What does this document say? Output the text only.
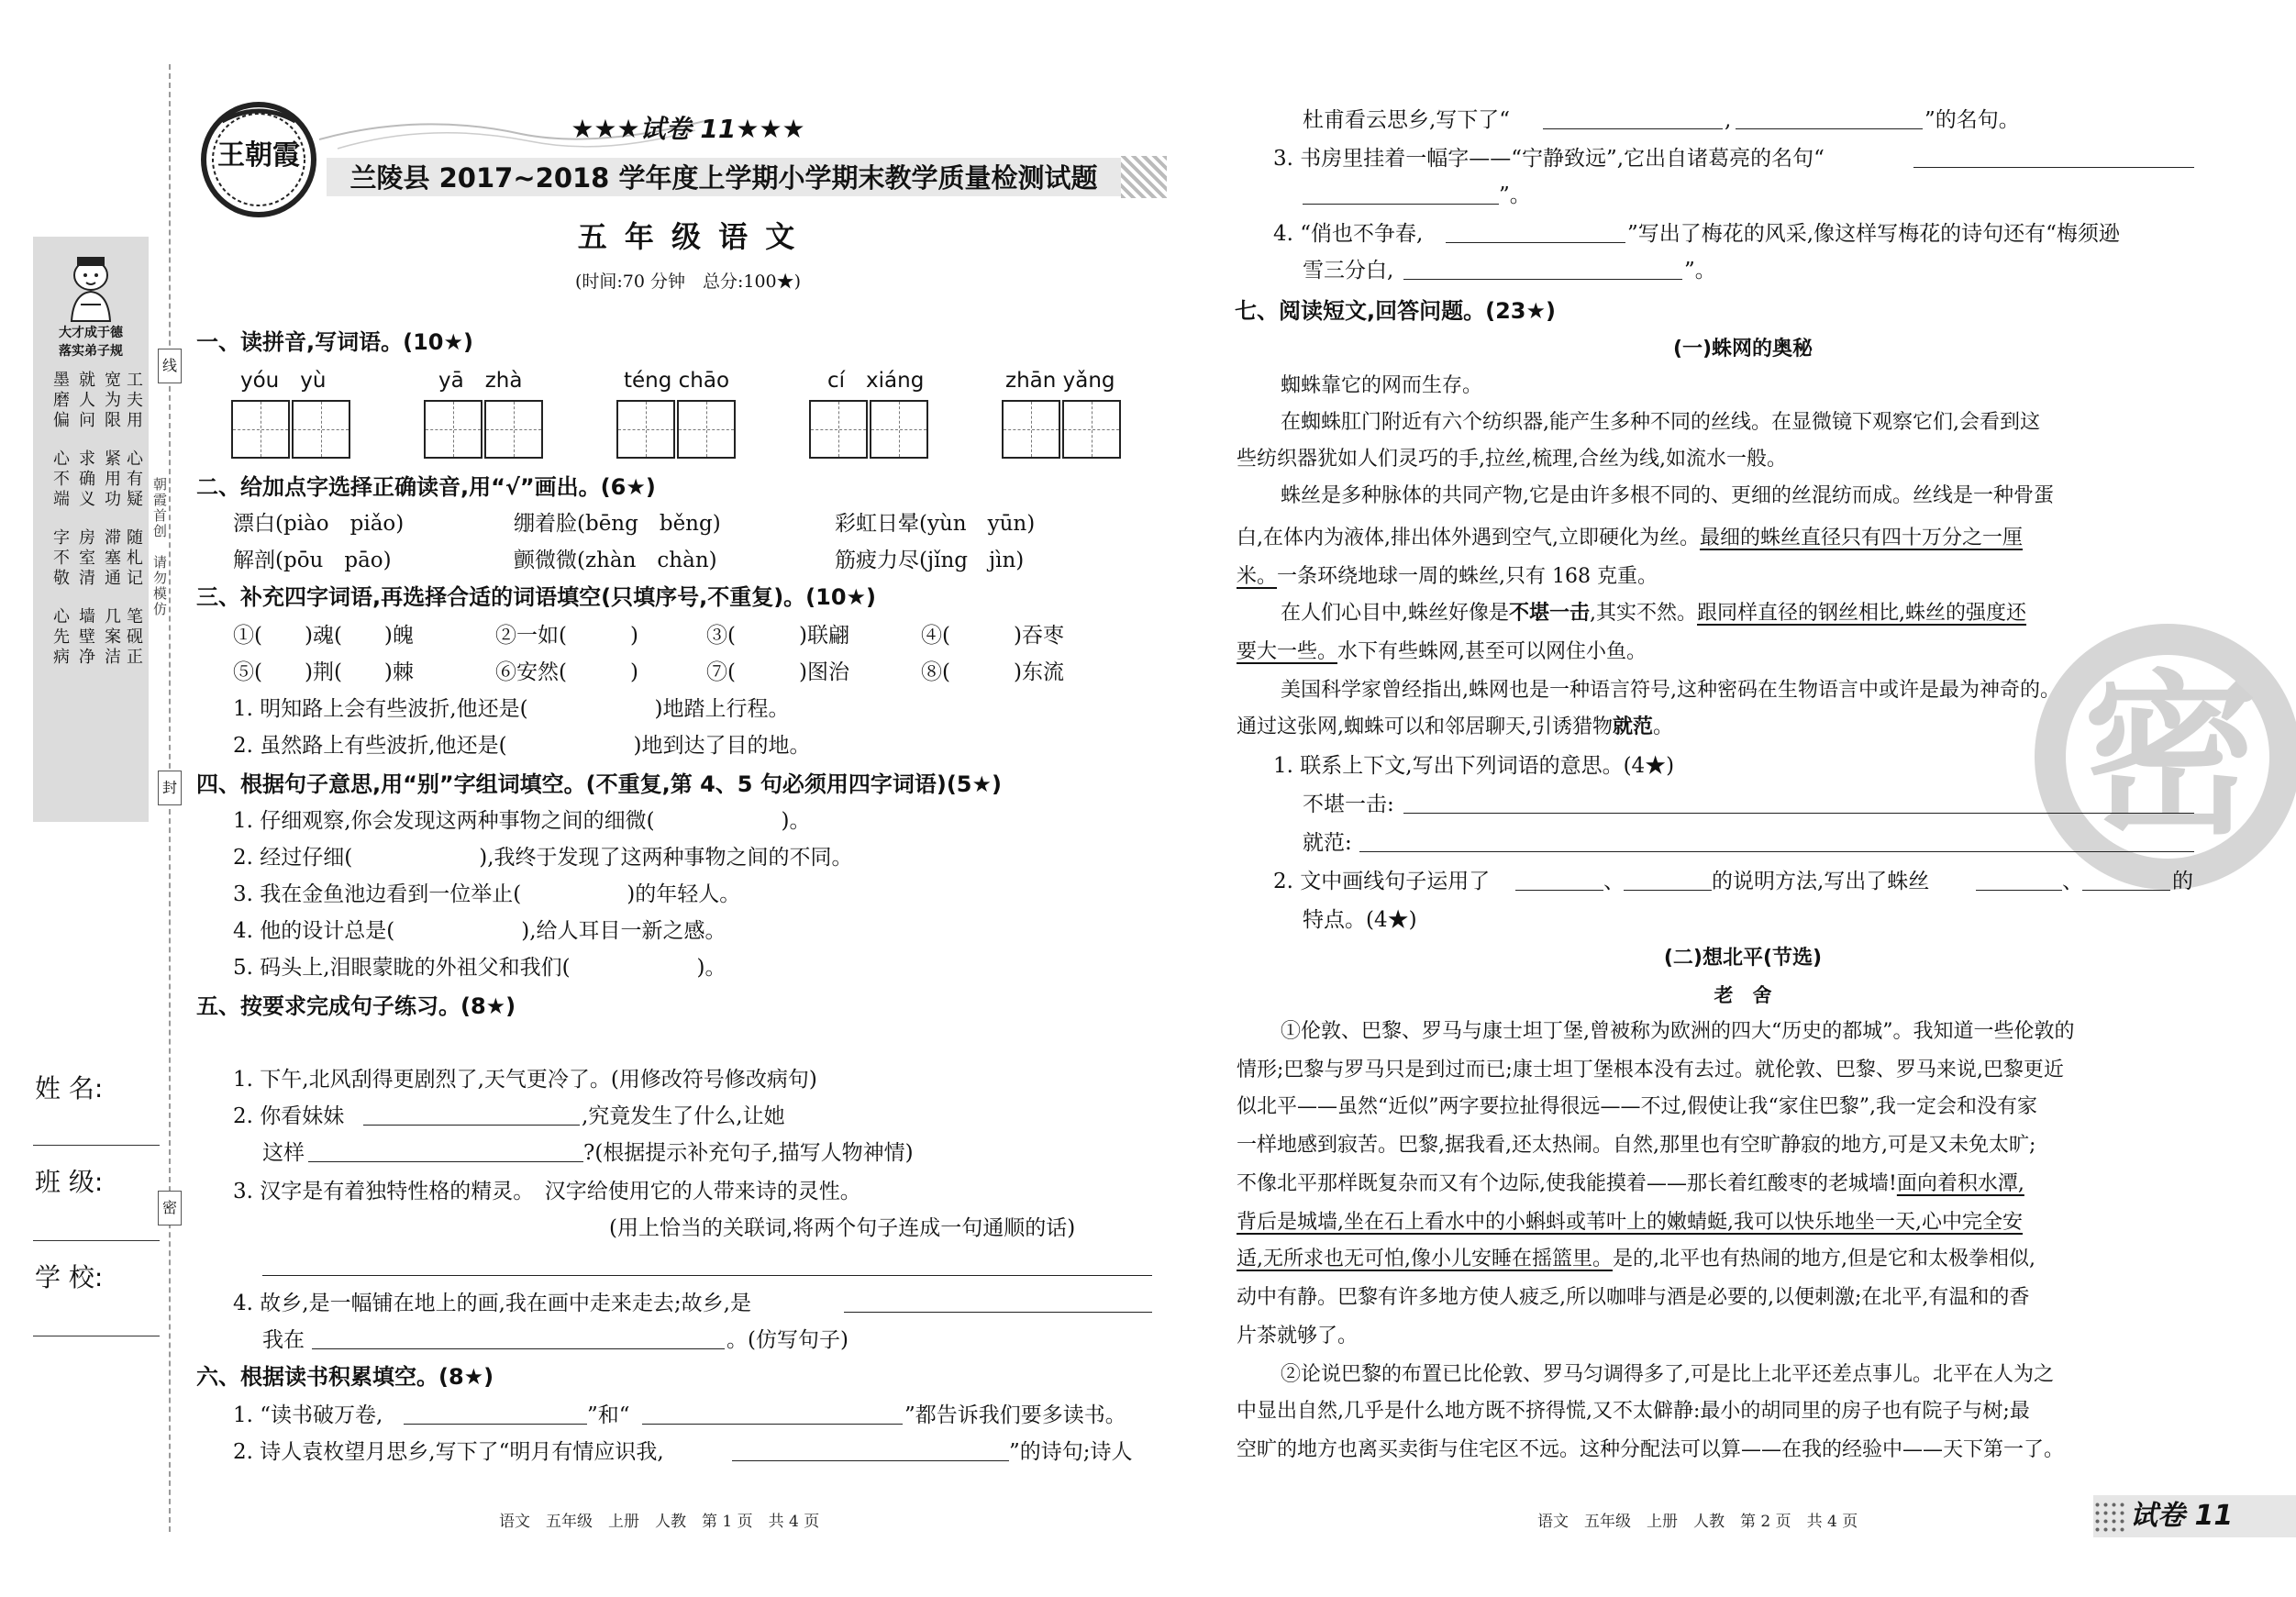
大才成于德
落实弟子规
墨磨偏
心不端
字不敬
心先病
就人问
求确义
房室清
墙壁净
宽为限
紧用功
滞塞通
几案洁
工夫用
心有疑
随札记
笔砚正
线
封
密
朝霞首创　请勿模仿
姓 名:
班 级:
学 校:
王朝霞
★★★试卷 11★★★
兰陵县 2017~2018 学年度上学期小学期末教学质量检测试题
五 年 级 语 文
(时间:70 分钟　总分:100★)
一、读拼音,写词语。(10★)
yóu　yù	yā　zhà	téng chāo	cí　xiáng	zhān yǎng
二、给加点字选择正确读音,用“√”画出。(6★)
漂白(piào　piǎo)	绷着脸(bēng　běng)	彩虹日晕(yùn　yūn)
解剖(pōu　pāo)	颤微微(zhàn　chàn)	筋疲力尽(jǐng　jìn)
三、补充四字词语,再选择合适的词语填空(只填序号,不重复)。(10★)
①(　　)魂(　　)魄	②一如(　　　)	③(　　　)联翩	④(　　　)吞枣
⑤(　　)荆(　　)棘	⑥安然(　　　)	⑦(　　　)图治	⑧(　　　)东流
1. 明知路上会有些波折,他还是(　　　　　　)地踏上行程。
2. 虽然路上有些波折,他还是(　　　　　　)地到达了目的地。
四、根据句子意思,用“别”字组词填空。(不重复,第 4、5 句必须用四字词语)(5★)
1. 仔细观察,你会发现这两种事物之间的细微(　　　　　　)。
2. 经过仔细(　　　　　　),我终于发现了这两种事物之间的不同。
3. 我在金鱼池边看到一位举止(　　　　　)的年轻人。
4. 他的设计总是(　　　　　　),给人耳目一新之感。
5. 码头上,泪眼蒙眬的外祖父和我们(　　　　　　)。
五、按要求完成句子练习。(8★)
1. 下午,北风刮得更剧烈了,天气更冷了。(用修改符号修改病句)
2. 你看妹妹	,究竟发生了什么,让她
这样	?(根据提示补充句子,描写人物神情)
3. 汉字是有着独特性格的精灵。　汉字给使用它的人带来诗的灵性。
(用上恰当的关联词,将两个句子连成一句通顺的话)
4. 故乡,是一幅铺在地上的画,我在画中走来走去;故乡,是
我在	。(仿写句子)
六、根据读书积累填空。(8★)
1. “读书破万卷,	”和“	”都告诉我们要多读书。
2. 诗人袁枚望月思乡,写下了“明月有情应识我,	”的诗句;诗人
语文　五年级　上册　人教　第 1 页　共 4 页
密
杜甫看云思乡,写下了“	,	”的名句。
3. 书房里挂着一幅字——“宁静致远”,它出自诸葛亮的名句“
”。
4. “俏也不争春,	”写出了梅花的风采,像这样写梅花的诗句还有“梅须逊
雪三分白,	”。
七、阅读短文,回答问题。(23★)
(一)蛛网的奥秘
蜘蛛靠它的网而生存。
在蜘蛛肛门附近有六个纺织器,能产生多种不同的丝线。在显微镜下观察它们,会看到这
些纺织器犹如人们灵巧的手,拉丝,梳理,合丝为线,如流水一般。
蛛丝是多种脉体的共同产物,它是由许多根不同的、更细的丝混纺而成。丝线是一种骨蛋
白,在体内为液体,排出体外遇到空气,立即硬化为丝。最细的蛛丝直径只有四十万分之一厘
米。一条环绕地球一周的蛛丝,只有 168 克重。
在人们心目中,蛛丝好像是不堪一击,其实不然。跟同样直径的钢丝相比,蛛丝的强度还
要大一些。水下有些蛛网,甚至可以网住小鱼。
美国科学家曾经指出,蛛网也是一种语言符号,这种密码在生物语言中或许是最为神奇的。
通过这张网,蜘蛛可以和邻居聊天,引诱猎物就范。
1. 联系上下文,写出下列词语的意思。(4★)
不堪一击:
就范:
2. 文中画线句子运用了	、	的说明方法,写出了蛛丝	、	的
特点。(4★)
(二)想北平(节选)
老　舍
①伦敦、巴黎、罗马与康士坦丁堡,曾被称为欧洲的四大“历史的都城”。我知道一些伦敦的
情形;巴黎与罗马只是到过而已;康士坦丁堡根本没有去过。就伦敦、巴黎、罗马来说,巴黎更近
似北平——虽然“近似”两字要拉扯得很远——不过,假使让我“家住巴黎”,我一定会和没有家
一样地感到寂苦。巴黎,据我看,还太热闹。自然,那里也有空旷静寂的地方,可是又未免太旷;
不像北平那样既复杂而又有个边际,使我能摸着——那长着红酸枣的老城墙!面向着积水潭,
背后是城墙,坐在石上看水中的小蝌蚪或苇叶上的嫩蜻蜓,我可以快乐地坐一天,心中完全安
适,无所求也无可怕,像小儿安睡在摇篮里。是的,北平也有热闹的地方,但是它和太极拳相似,
动中有静。巴黎有许多地方使人疲乏,所以咖啡与酒是必要的,以便刺激;在北平,有温和的香
片茶就够了。
②论说巴黎的布置已比伦敦、罗马匀调得多了,可是比上北平还差点事儿。北平在人为之
中显出自然,几乎是什么地方既不挤得慌,又不太僻静:最小的胡同里的房子也有院子与树;最
空旷的地方也离买卖街与住宅区不远。这种分配法可以算——在我的经验中——天下第一了。
语文　五年级　上册　人教　第 2 页　共 4 页	试卷 11
